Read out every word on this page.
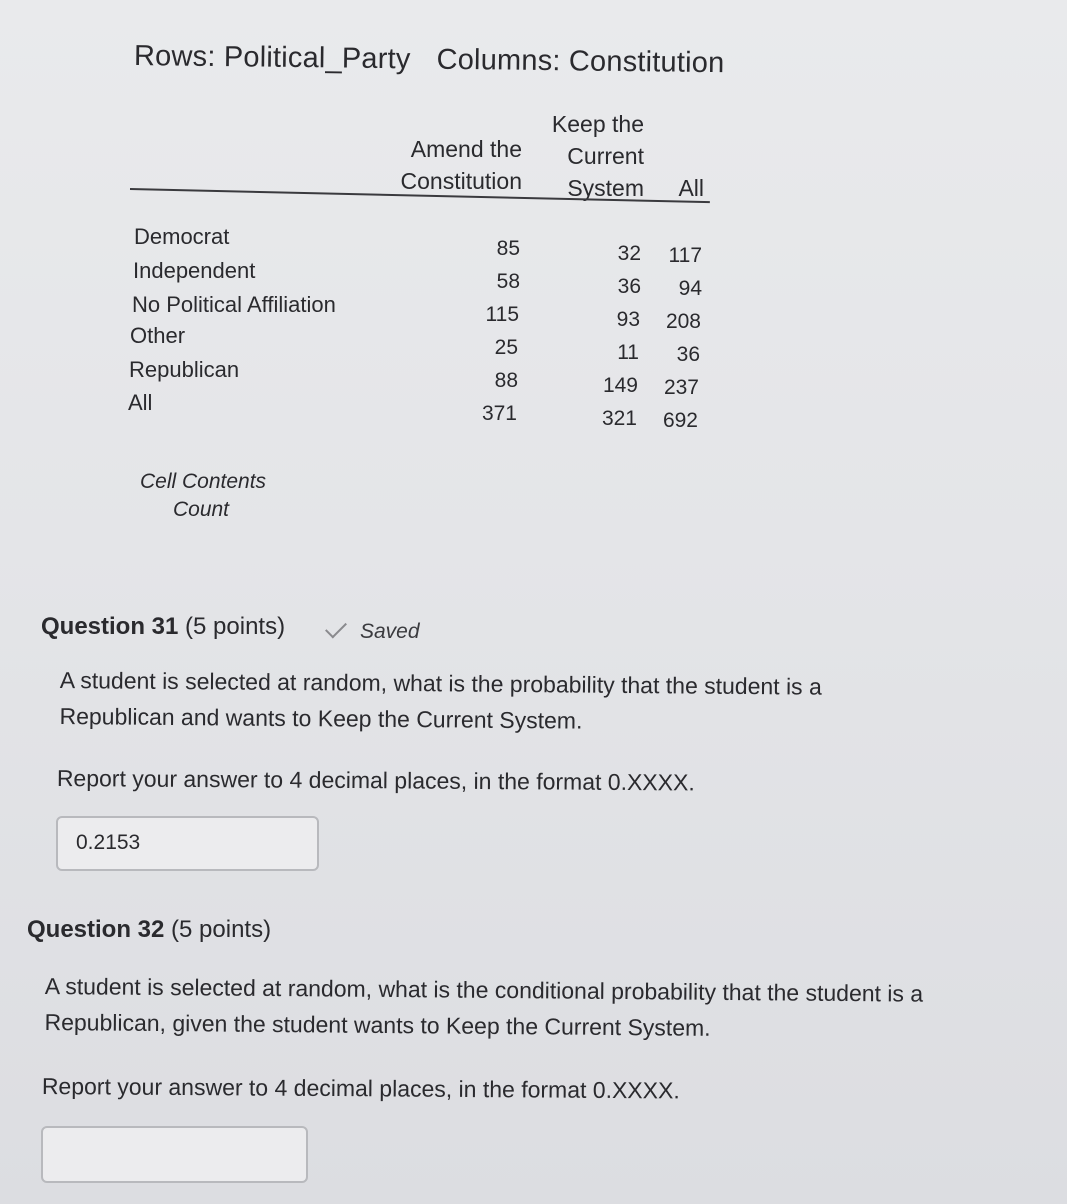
Rows: Political_Party Columns: Constitution
Amend the
Constitution
Keep the
Current
System	All
Democrat	85	32	117
Independent	58	36	94
No Political Affiliation	115	93	208
Other	25	11	36
Republican	88	149	237
All	371	321	692
Cell Contents
Count
Question 31 (5 points)	Saved
A student is selected at random, what is the probability that the student is a Republican and wants to Keep the Current System.
Report your answer to 4 decimal places, in the format 0.XXXX.
0.2153
Question 32 (5 points)
A student is selected at random, what is the conditional probability that the student is a Republican, given the student wants to Keep the Current System.
Report your answer to 4 decimal places, in the format 0.XXXX.
